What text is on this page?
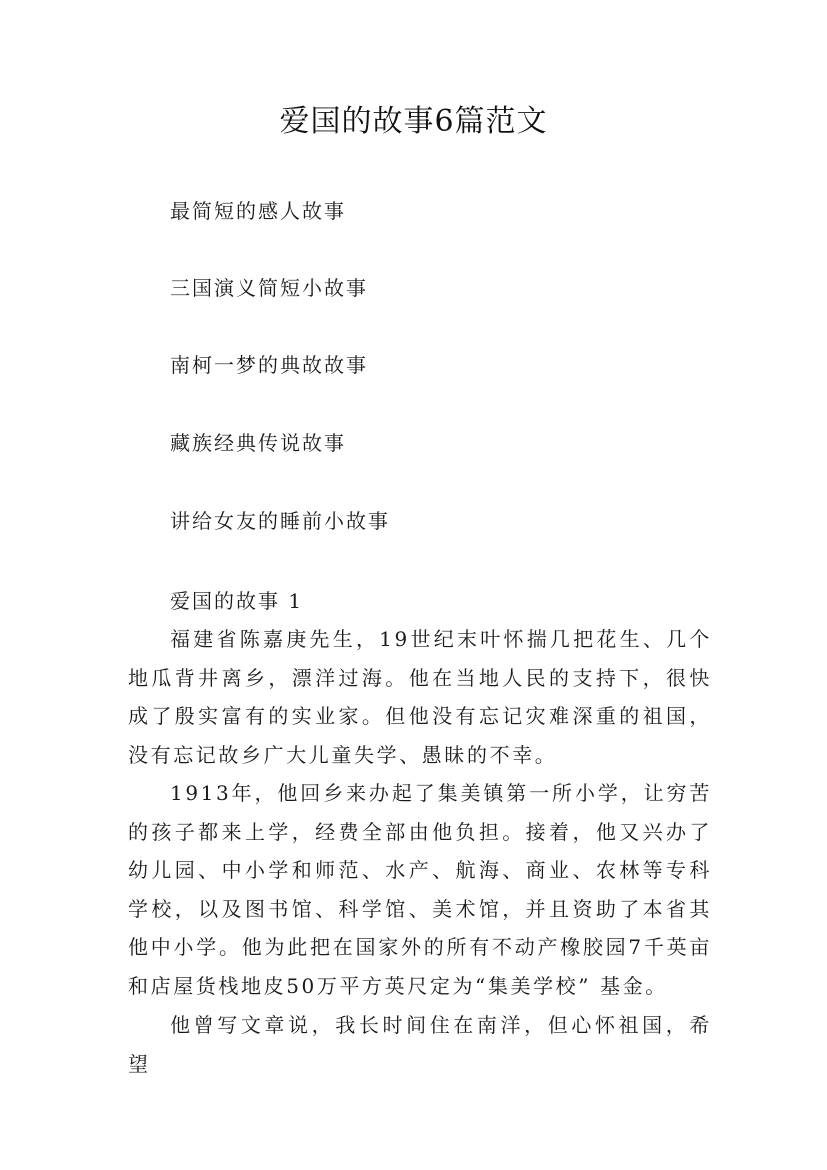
爱国的故事6篇范文

最简短的感人故事

三国演义简短小故事

南柯一梦的典故故事

藏族经典传说故事

讲给女友的睡前小故事

爱国的故事 1

福建省陈嘉庚先生，19世纪末叶怀揣几把花生、几个地瓜背井离乡，漂洋过海。他在当地人民的支持下，很快成了殷实富有的实业家。但他没有忘记灾难深重的祖国，没有忘记故乡广大儿童失学、愚昧的不幸。

1913年，他回乡来办起了集美镇第一所小学，让穷苦的孩子都来上学，经费全部由他负担。接着，他又兴办了幼儿园、中小学和师范、水产、航海、商业、农林等专科学校，以及图书馆、科学馆、美术馆，并且资助了本省其他中小学。他为此把在国家外的所有不动产橡胶园7千英亩和店屋货栈地皮50万平方英尺定为“集美学校” 基金。

他曾写文章说，我长时间住在南洋，但心怀祖国，希望
